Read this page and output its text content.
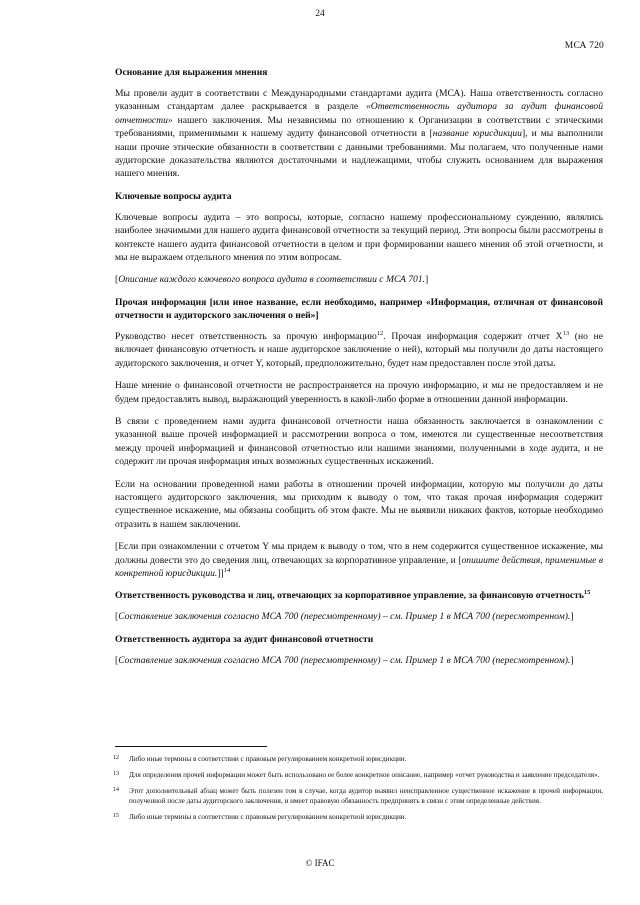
24
МСА 720
Основание для выражения мнения

Мы провели аудит в соответствии с Международными стандартами аудита (МСА). Наша ответственность согласно указанным стандартам далее раскрывается в разделе «Ответственность аудитора за аудит финансовой отчетности» нашего заключения. Мы независимы по отношению к Организации в соответствии с этическими требованиями, применимыми к нашему аудиту финансовой отчетности в [название юрисдикции], и мы выполнили наши прочие этические обязанности в соответствии с данными требованиями. Мы полагаем, что полученные нами аудиторские доказательства являются достаточными и надлежащими, чтобы служить основанием для выражения нашего мнения.

Ключевые вопросы аудита

Ключевые вопросы аудита – это вопросы, которые, согласно нашему профессиональному суждению, являлись наиболее значимыми для нашего аудита финансовой отчетности за текущий период. Эти вопросы были рассмотрены в контексте нашего аудита финансовой отчетности в целом и при формировании нашего мнения об этой отчетности, и мы не выражаем отдельного мнения по этим вопросам.

[Описание каждого ключевого вопроса аудита в соответствии с МСА 701.]

Прочая информация [или иное название, если необходимо, например «Информация, отличная от финансовой отчетности и аудиторского заключения о ней»]

Руководство несет ответственность за прочую информацию$^{12}$. Прочая информация содержит отчет $X^{13}$ (но не включает финансовую отчетность и наше аудиторское заключение о ней), который мы получили до даты настоящего аудиторского заключения, и отчет Y, который, предположительно, будет нам предоставлен после этой даты.

Наше мнение о финансовой отчетности не распространяется на прочую информацию, и мы не предоставляем и не будем предоставлять вывод, выражающий уверенность в какой-либо форме в отношении данной информации.

В связи с проведением нами аудита финансовой отчетности наша обязанность заключается в ознакомлении с указанной выше прочей информацией и рассмотрении вопроса о том, имеются ли существенные несоответствия между прочей информацией и финансовой отчетностью или нашими знаниями, полученными в ходе аудита, и не содержит ли прочая информация иных возможных существенных искажений.

Если на основании проведенной нами работы в отношении прочей информации, которую мы получили до даты настоящего аудиторского заключения, мы приходим к выводу о том, что такая прочая информация содержит существенное искажение, мы обязаны сообщить об этом факте. Мы не выявили никаких фактов, которые необходимо отразить в нашем заключении.

[Если при ознакомлении с отчетом Y мы придем к выводу о том, что в нем содержится существенное искажение, мы должны довести это до сведения лиц, отвечающих за корпоративное управление, и [опишите действия, применимые в конкретной юрисдикции.]]$^{14}$

Ответственность руководства и лиц, отвечающих за корпоративное управление, за финансовую отчетность$^{15}$

[Составление заключения согласно МСА 700 (пересмотренному) – см. Пример 1 в МСА 700 (пересмотренном).]

Ответственность аудитора за аудит финансовой отчетности

[Составление заключения согласно МСА 700 (пересмотренному) – см. Пример 1 в МСА 700 (пересмотренном).]

12	Либо иные термины в соответствии с правовым регулированием конкретной юрисдикции.
13	Для определения прочей информации может быть использовано ее более конкретное описание, например «отчет руководства и заявление председателя».
14	Этот дополнительный абзац может быть полезен том в случае, когда аудитор выявил неисправленное существенное искажение в прочей информации, полученной после даты аудиторского заключения, и имеет правовую обязанность предпринять в связи с этим определенные действия.
15	Либо иные термины в соответствии с правовым регулированием конкретной юрисдикции.
© IFAC
